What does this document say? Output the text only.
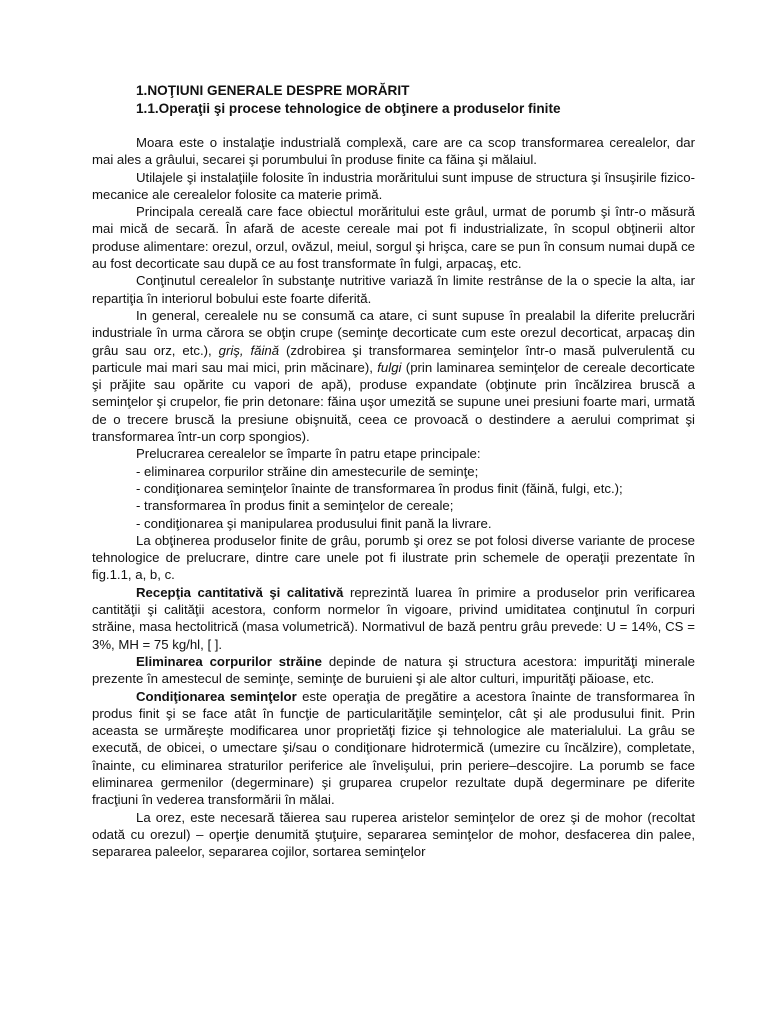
1.NOŢIUNI GENERALE DESPRE MORĂRIT
1.1.Operaţii şi procese tehnologice de obţinere a produselor finite

Moara este o instalaţie industrială complexă, care are ca scop transformarea cerealelor, dar mai ales a grâului, secarei şi porumbului în produse finite ca făina şi mălaiul.

Utilajele şi instalaţiile folosite în industria morăritului sunt impuse de structura şi însuşirile fizico-mecanice ale cerealelor folosite ca materie primă.

Principala cereală care face obiectul morăritului este grâul, urmat de porumb şi într-o măsură mai mică de secară. În afară de aceste cereale mai pot fi industrializate, în scopul obţinerii altor produse alimentare: orezul, orzul, ovăzul, meiul, sorgul şi hrişca, care se pun în consum numai după ce au fost decorticate sau după ce au fost transformate în fulgi, arpacaş, etc.

Conţinutul cerealelor în substanţe nutritive variază în limite restrânse de la o specie la alta, iar repartiţia în interiorul bobului este foarte diferită.

In general, cerealele nu se consumă ca atare, ci sunt supuse în prealabil la diferite prelucrări industriale în urma cărora se obţin crupe (seminţe decorticate cum este orezul decorticat, arpacaş din grâu sau orz, etc.), griş, făină (zdrobirea şi transformarea seminţelor într-o masă pulverulentă cu particule mai mari sau mai mici, prin măcinare), fulgi (prin laminarea seminţelor de cereale decorticate şi prăjite sau opărite cu vapori de apă), produse expandate (obţinute prin încălzirea bruscă a seminţelor şi crupelor, fie prin detonare: făina uşor umezită se supune unei presiuni foarte mari, urmată de o trecere bruscă la presiune obişnuită, ceea ce provoacă o destindere a aerului comprimat şi transformarea într-un corp spongios).

Prelucrarea cerealelor se împarte în patru etape principale:

- eliminarea corpurilor străine din amestecurile de seminţe;

- condiţionarea seminţelor înainte de transformarea în produs finit (făină, fulgi, etc.);

- transformarea în produs finit a seminţelor de cereale;

- condiţionarea şi manipularea produsului finit pană la livrare.

La obţinerea produselor finite de grâu, porumb şi orez se pot folosi diverse variante de procese tehnologice de prelucrare, dintre care unele pot fi ilustrate prin schemele de operaţii prezentate în fig.1.1, a, b, c.

Recepţia cantitativă şi calitativă reprezintă luarea în primire a produselor prin verificarea cantităţii şi calităţii acestora, conform normelor în vigoare, privind umiditatea conţinutul în corpuri străine, masa hectolitrică (masa volumetrică). Normativul de bază pentru grâu prevede: U = 14%, CS = 3%, MH = 75 kg/hl, [ ].

Eliminarea corpurilor străine depinde de natura şi structura acestora: impurităţi minerale prezente în amestecul de seminţe, seminţe de buruieni şi ale altor culturi, impurităţi păioase, etc.

Condiţionarea seminţelor este operaţia de pregătire a acestora înainte de transformarea în produs finit şi se face atât în funcţie de particularităţile seminţelor, cât şi ale produsului finit. Prin aceasta se urmăreşte modificarea unor proprietăţi fizice şi tehnologice ale materialului. La grâu se execută, de obicei, o umectare şi/sau o condiţionare hidrotermică (umezire cu încălzire), completate, înainte, cu eliminarea straturilor periferice ale învelişului, prin periere–descojire. La porumb se face eliminarea germenilor (degerminare) şi gruparea crupelor rezultate după degerminare pe diferite fracţiuni în vederea transformării în mălai.

La orez, este necesară tăierea sau ruperea aristelor seminţelor de orez şi de mohor (recoltat odată cu orezul) – operţie denumită ştuţuire, separarea seminţelor de mohor, desfacerea din palee, separarea paleelor, separarea cojilor, sortarea seminţelor
